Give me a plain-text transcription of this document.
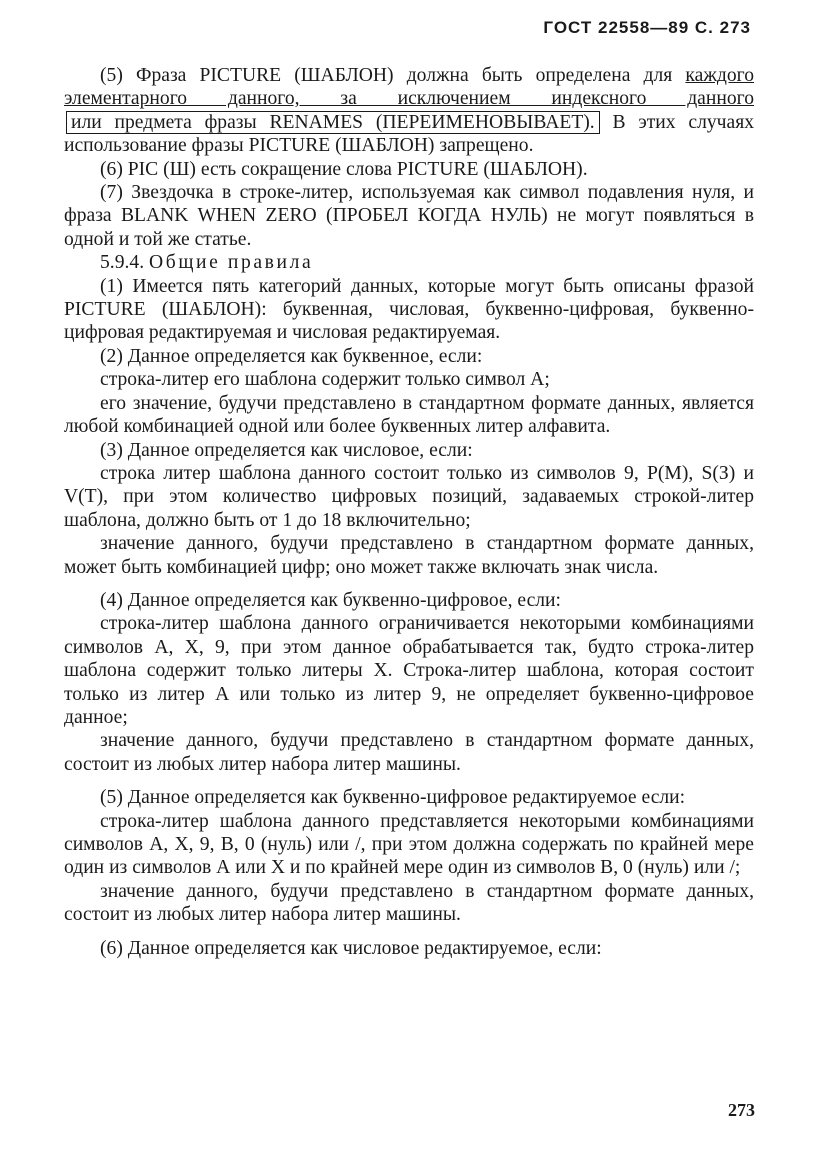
ГОСТ 22558—89 С. 273

(5) Фраза PICTURE (ШАБЛОН) должна быть определена для каждого элементарного данного, за исключением индексного данного или предмета фразы RENAMES (ПЕРЕИМЕНОВЫВАЕТ). В этих случаях использование фразы PICTURE (ШАБЛОН) запрещено.

(6) PIC (Ш) есть сокращение слова PICTURE (ШАБЛОН).

(7) Звездочка в строке-литер, используемая как символ подавления нуля, и фраза BLANK WHEN ZERO (ПРОБЕЛ КОГДА НУЛЬ) не могут появляться в одной и той же статье.

5.9.4. Общие правила

(1) Имеется пять категорий данных, которые могут быть описаны фразой PICTURE (ШАБЛОН): буквенная, числовая, буквенно-цифровая, буквенно-цифровая редактируемая и числовая редактируемая.

(2) Данное определяется как буквенное, если:

строка-литер его шаблона содержит только символ А;

его значение, будучи представлено в стандартном формате данных, является любой комбинацией одной или более буквенных литер алфавита.

(3) Данное определяется как числовое, если:

строка литер шаблона данного состоит только из символов 9, Р(М), S(З) и V(Т), при этом количество цифровых позиций, задаваемых строкой-литер шаблона, должно быть от 1 до 18 включительно;

значение данного, будучи представлено в стандартном формате данных, может быть комбинацией цифр; оно может также включать знак числа.

(4) Данное определяется как буквенно-цифровое, если:

строка-литер шаблона данного ограничивается некоторыми комбинациями символов А, Х, 9, при этом данное обрабатывается так, будто строка-литер шаблона содержит только литеры Х. Строка-литер шаблона, которая состоит только из литер А или только из литер 9, не определяет буквенно-цифровое данное;

значение данного, будучи представлено в стандартном формате данных, состоит из любых литер набора литер машины.

(5) Данное определяется как буквенно-цифровое редактируемое если:

строка-литер шаблона данного представляется некоторыми комбинациями символов А, Х, 9, В, 0 (нуль) или /, при этом должна содержать по крайней мере один из символов А или Х и по крайней мере один из символов В, 0 (нуль) или /;

значение данного, будучи представлено в стандартном формате данных, состоит из любых литер набора литер машины.

(6) Данное определяется как числовое редактируемое, если:

273
